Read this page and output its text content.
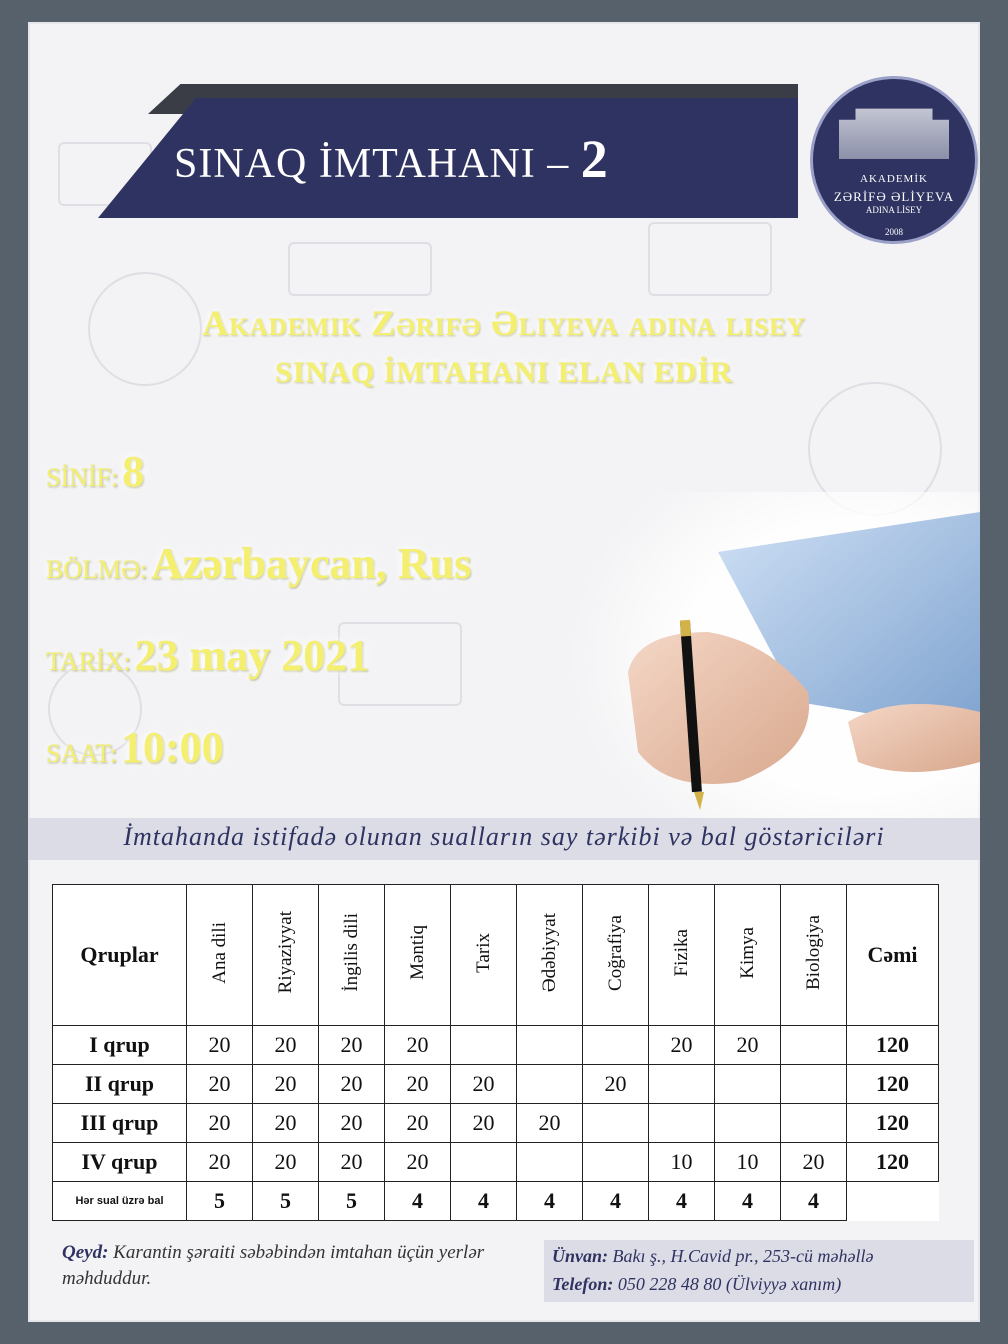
SINAQ İMTAHANI – 2	AKADEMİK
ZƏRİFƏ ƏLİYEVA
ADINA LİSEY
2008
Akademik Zərifə Əliyeva adına lisey
SINAQ İMTAHANI ELAN EDİR
SİNİF: 8
BÖLMƏ: Azərbaycan, Rus
TARİX: 23 may 2021
SAAT: 10:00
İmtahanda istifadə olunan sualların say tərkibi və bal göstəriciləri
Qruplar	Ana dili	Riyaziyyat	İngilis dili	Məntiq	Tarix	Ədəbiyyat	Coğrafiya	Fizika	Kimya	Biologiya	Cəmi
I qrup	20	20	20	20				20	20		120
II qrup	20	20	20	20	20		20				120
III qrup	20	20	20	20	20	20					120
IV qrup	20	20	20	20				10	10	20	120
Hər sual üzrə bal	5	5	5	4	4	4	4	4	4	4	
Qeyd: Karantin şəraiti səbəbindən imtahan üçün yerlər məhduddur.
Ünvan: Bakı ş., H.Cavid pr., 253-cü məhəllə
Telefon: 050 228 48 80 (Ülviyyə xanım)
